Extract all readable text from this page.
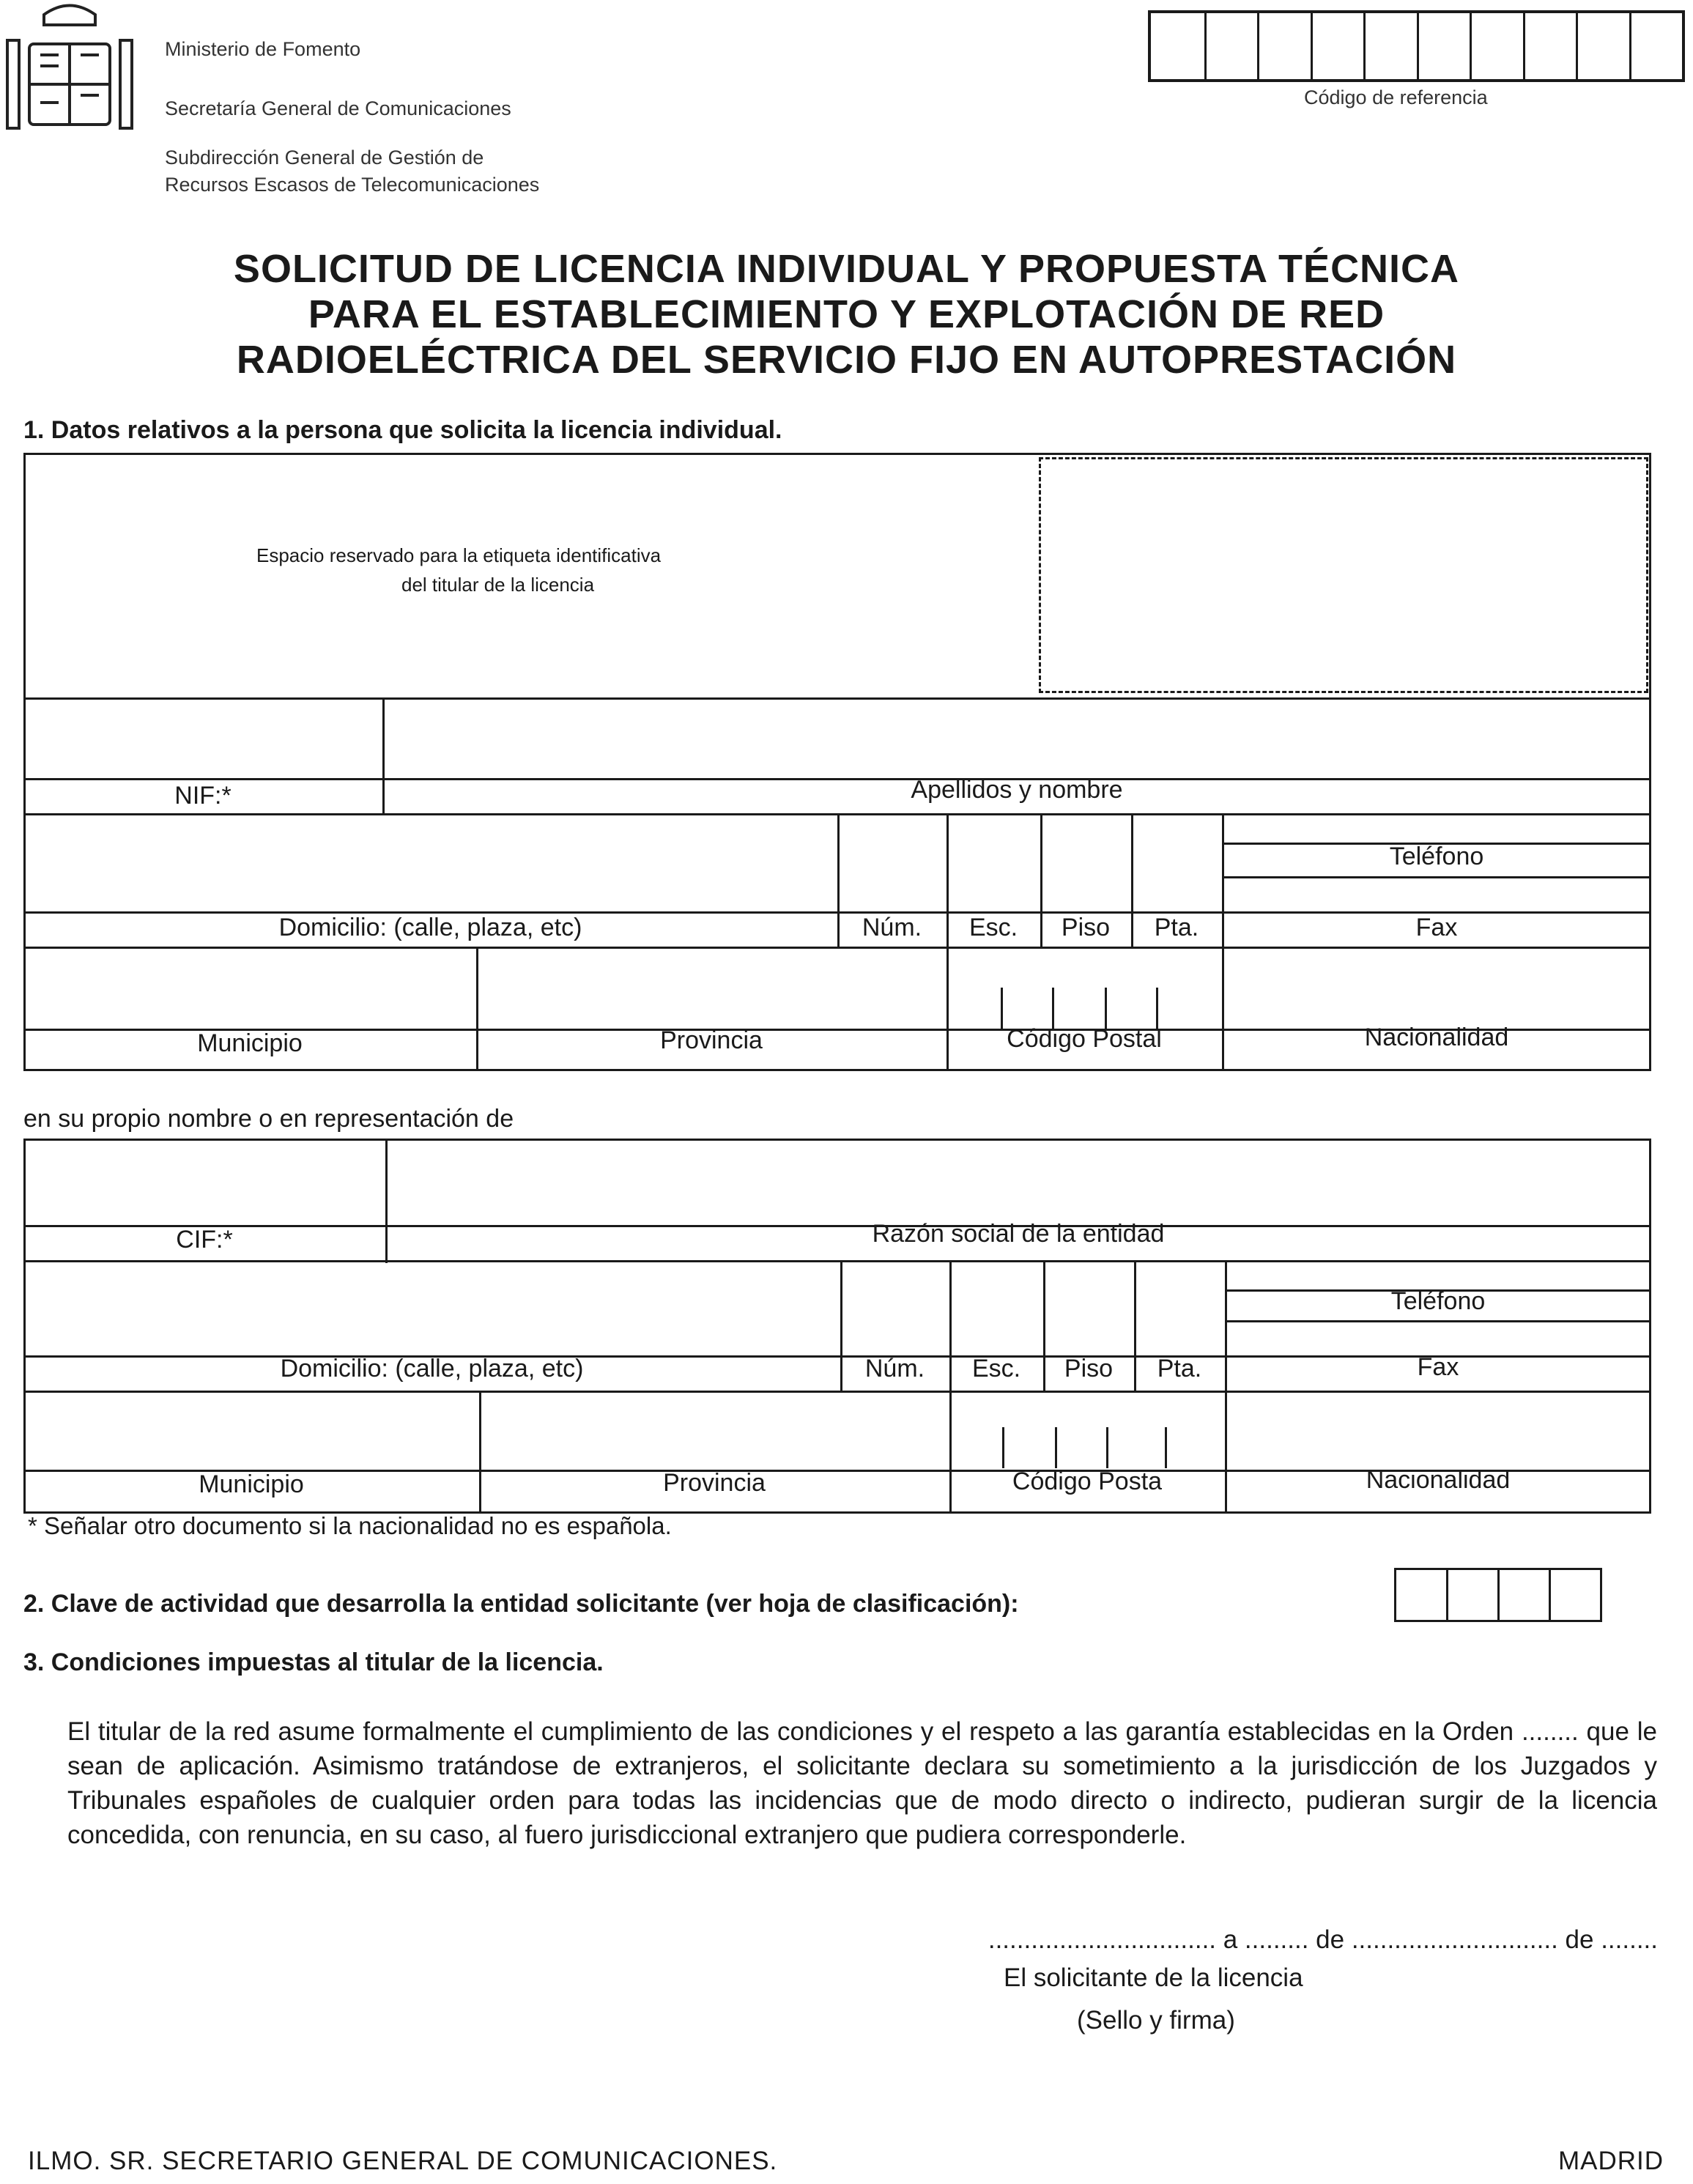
Ministerio de Fomento
Secretaría General de Comunicaciones
Subdirección General de Gestión de
Recursos Escasos de Telecomunicaciones
Código de referencia
SOLICITUD DE LICENCIA INDIVIDUAL Y PROPUESTA TÉCNICA
PARA EL ESTABLECIMIENTO Y EXPLOTACIÓN DE RED
RADIOELÉCTRICA DEL SERVICIO FIJO EN AUTOPRESTACIÓN
1. Datos relativos a la persona que solicita la licencia individual.
Espacio reservado para la etiqueta identificativa
del titular de la licencia
NIF:*	Apellidos y nombre
Teléfono
Domicilio: (calle, plaza, etc)	Núm.	Esc.	Piso	Pta.	Fax
Municipio	Provincia	Código Postal	Nacionalidad
en su propio nombre o en representación de
CIF:*	Razón social de la entidad
Teléfono
Domicilio: (calle, plaza, etc)	Núm.	Esc.	Piso	Pta.	Fax
Municipio	Provincia	Código Posta	Nacionalidad
* Señalar otro documento si la nacionalidad no es española.
2. Clave de actividad que desarrolla la entidad solicitante (ver hoja de clasificación):
3. Condiciones impuestas al titular de la licencia.
El titular de la red asume formalmente el cumplimiento de las condiciones y el respeto a las garantía establecidas en la Orden ........ que le sean de aplicación. Asimismo tratándose de extranjeros, el solicitante declara su sometimiento a la jurisdicción de los Juzgados y Tribunales españoles de cualquier orden para todas las incidencias que de modo directo o indirecto, pudieran surgir de la licencia concedida, con renuncia, en su caso, al fuero jurisdiccional extranjero que pudiera corresponderle.
................................ a ......... de ............................. de ........
El solicitante de la licencia
(Sello y firma)
ILMO. SR. SECRETARIO GENERAL DE COMUNICACIONES.	MADRID
